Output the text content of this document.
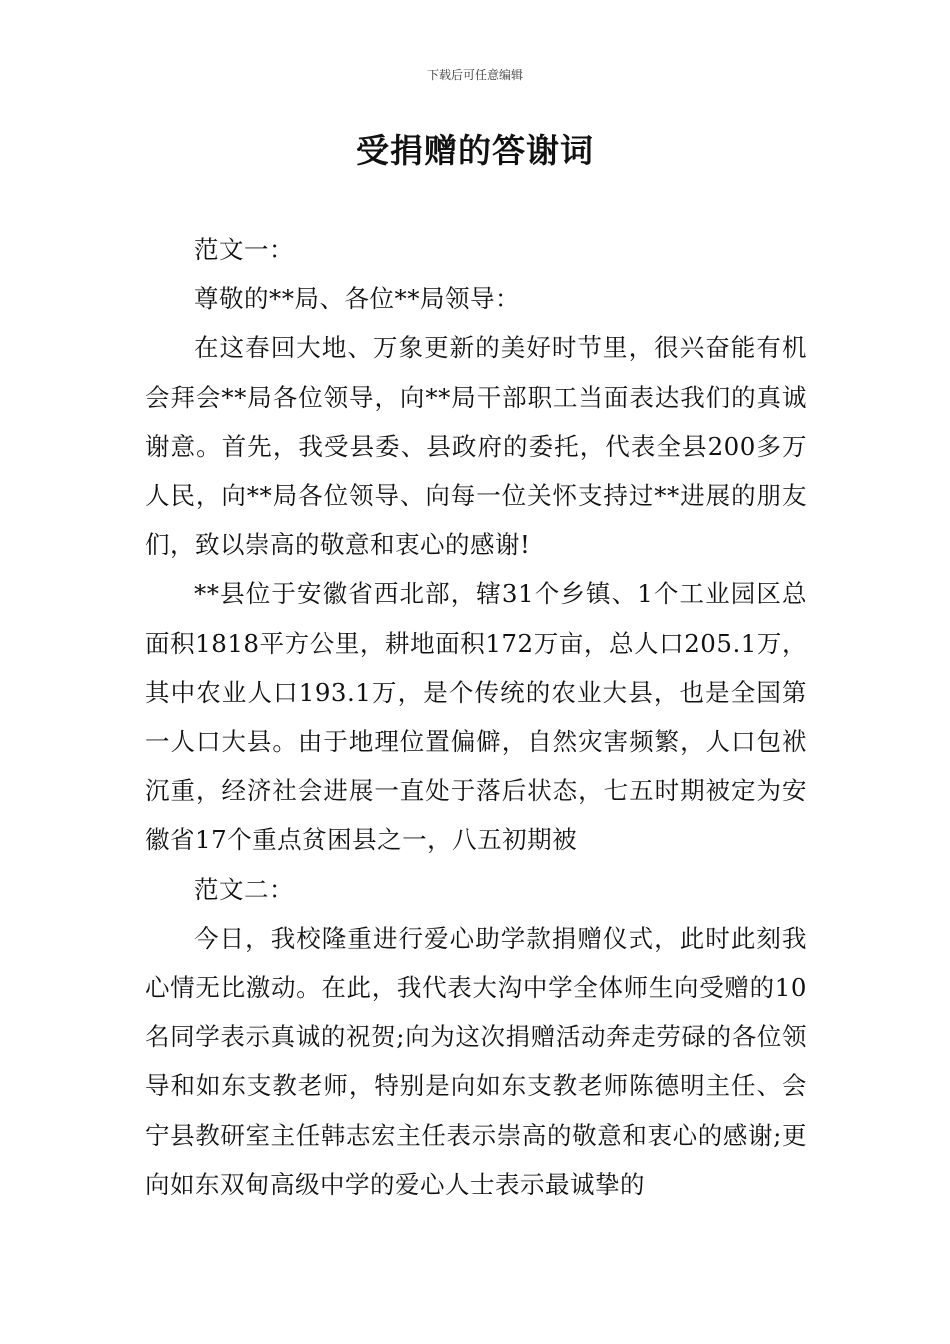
下载后可任意编辑
受捐赠的答谢词

范文一：

尊敬的**局、各位**局领导：

在这春回大地、万象更新的美好时节里，很兴奋能有机会拜会**局各位领导，向**局干部职工当面表达我们的真诚谢意。首先，我受县委、县政府的委托，代表全县200多万人民，向**局各位领导、向每一位关怀支持过**进展的朋友们，致以崇高的敬意和衷心的感谢!

**县位于安徽省西北部，辖31个乡镇、1个工业园区总面积1818平方公里，耕地面积172万亩，总人口205.1万，其中农业人口193.1万，是个传统的农业大县，也是全国第一人口大县。由于地理位置偏僻，自然灾害频繁，人口包袱沉重，经济社会进展一直处于落后状态，七五时期被定为安徽省17个重点贫困县之一，八五初期被

范文二：

今日，我校隆重进行爱心助学款捐赠仪式，此时此刻我心情无比激动。在此，我代表大沟中学全体师生向受赠的10名同学表示真诚的祝贺;向为这次捐赠活动奔走劳碌的各位领导和如东支教老师，特别是向如东支教老师陈德明主任、会宁县教研室主任韩志宏主任表示崇高的敬意和衷心的感谢;更向如东双甸高级中学的爱心人士表示最诚挚的
